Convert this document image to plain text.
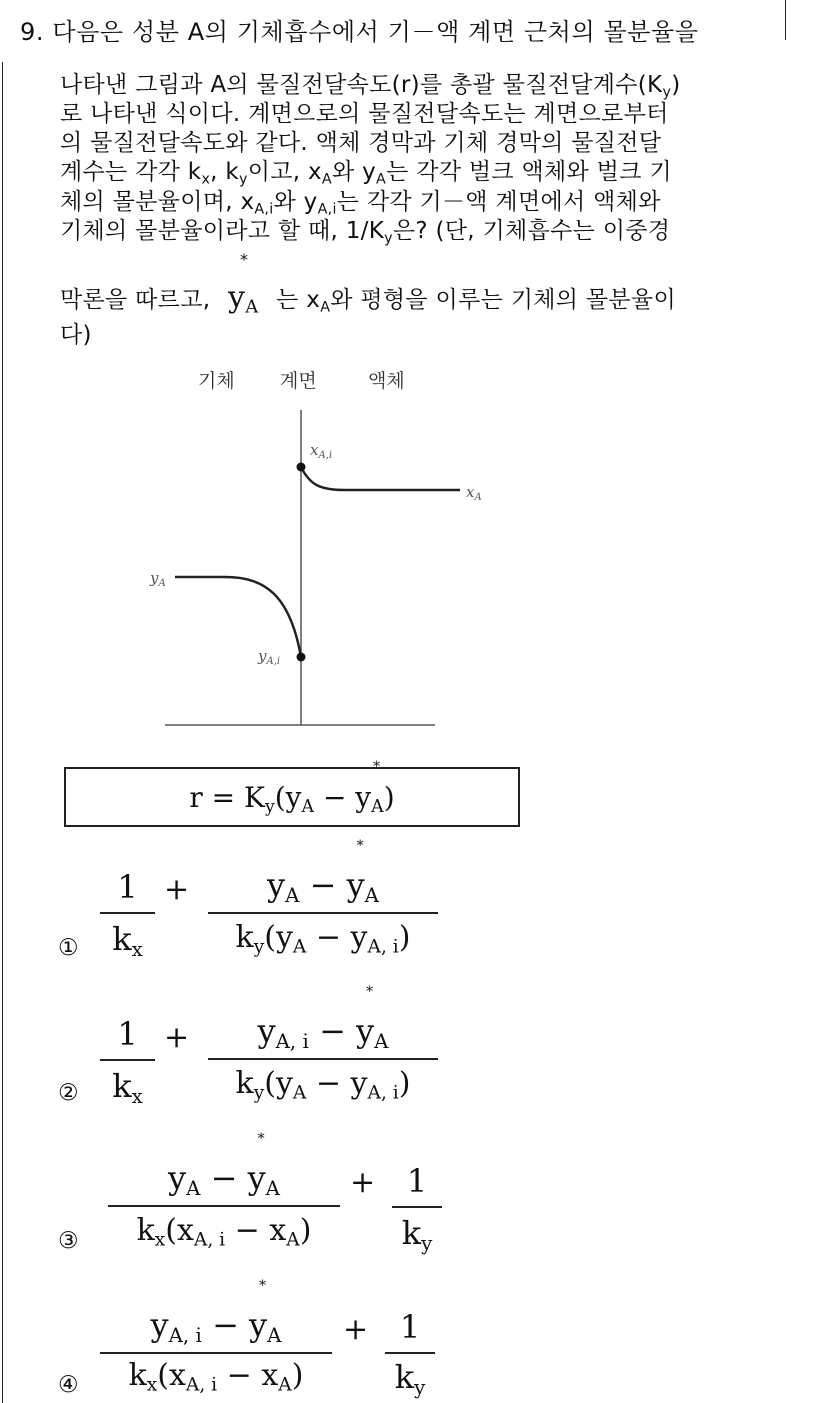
9. 다음은 성분 A의 기체흡수에서 기－액 계면 근처의 몰분율을
나타낸 그림과 A의 물질전달속도(r)를 총괄 물질전달계수$(K_y)$
로 나타낸 식이다. 계면으로의 물질전달속도는 계면으로부터
의 물질전달속도와 같다. 액체 경막과 기체 경막의 물질전달
계수는 각각 $k_x$, $k_y$이고, $x_A$와 $y_A$는 각각 벌크 액체와 벌크 기
체의 몰분율이며, $x_{A,i}$와 $y_{A,i}$는 각각 기－액 계면에서 액체와
기체의 몰분율이라고 할 때, $1/K_y$은? (단, 기체흡수는 이중경
막론을 따르고,
*
$y_A$ 는 $x_A$와 평형을 이루는 기체의 몰분율이
다)
기체 계면	액체
$x_{A,i}$
$x_A$
$y_A$
$y_{A,i}$
$r = K_y(y_A - y_A$
*
)
①
1
$k_x$
+	$y_A - y_A$
*
$k_y(y_A - y_{A, i})$
②
1
$k_x$
+	$y_{A, i} - y_A$
*
$k_y(y_A - y_{A, i})$
③
$y_A - y_A$
*
$k_x(x_{A, i} - x_A)$
+ 1
$k_y$
④
$y_{A, i} - y_A$
*
$k_x(x_{A, i} - x_A)$
+ 1
$k_y$
